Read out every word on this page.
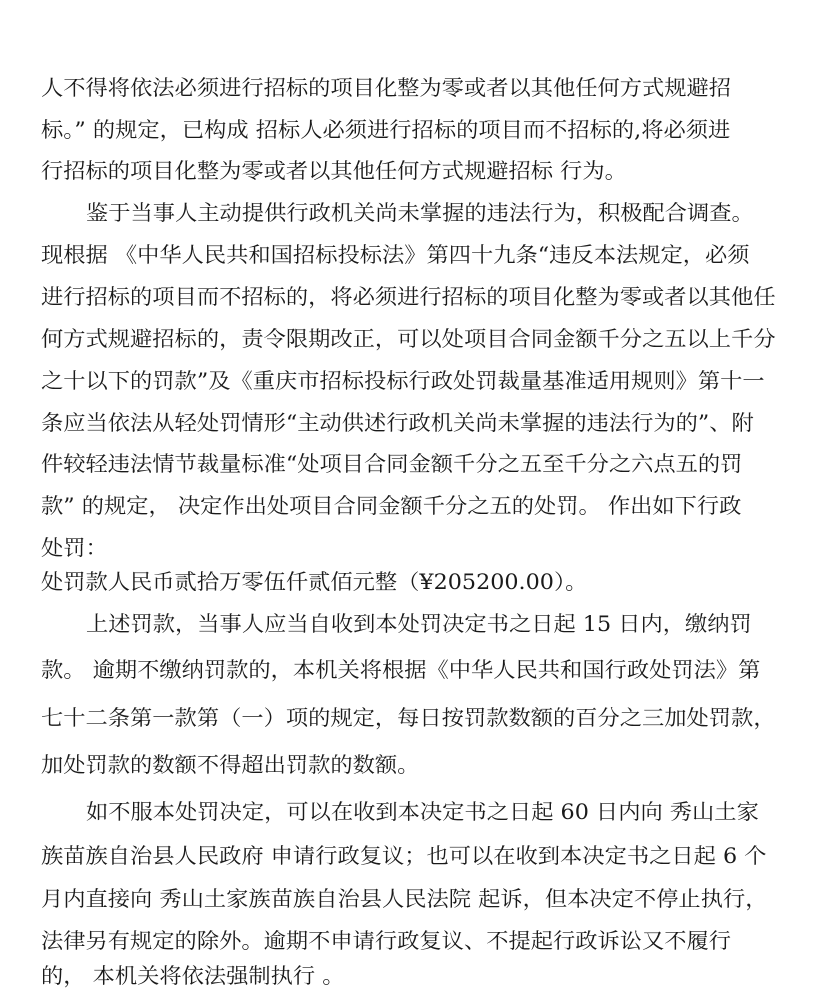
人不得将依法必须进行招标的项目化整为零或者以其他任何方式规避招
标。” 的规定，已构成 招标人必须进行招标的项目而不招标的,将必须进
行招标的项目化整为零或者以其他任何方式规避招标 行为。
鉴于当事人主动提供行政机关尚未掌握的违法行为，积极配合调查。
现根据 《中华人民共和国招标投标法》第四十九条“违反本法规定，必须
进行招标的项目而不招标的，将必须进行招标的项目化整为零或者以其他任
何方式规避招标的，责令限期改正，可以处项目合同金额千分之五以上千分
之十以下的罚款”及《重庆市招标投标行政处罚裁量基准适用规则》第十一
条应当依法从轻处罚情形“主动供述行政机关尚未掌握的违法行为的”、附
件较轻违法情节裁量标准“处项目合同金额千分之五至千分之六点五的罚
款” 的规定， 决定作出处项目合同金额千分之五的处罚。 作出如下行政
处罚：
处罚款人民币贰拾万零伍仟贰佰元整（¥205200.00）。
上述罚款，当事人应当自收到本处罚决定书之日起 15 日内，缴纳罚
款。 逾期不缴纳罚款的，本机关将根据《中华人民共和国行政处罚法》第
七十二条第一款第（一）项的规定，每日按罚款数额的百分之三加处罚款，
加处罚款的数额不得超出罚款的数额。
如不服本处罚决定，可以在收到本决定书之日起 60 日内向 秀山土家
族苗族自治县人民政府 申请行政复议；也可以在收到本决定书之日起 6 个
月内直接向 秀山土家族苗族自治县人民法院 起诉，但本决定不停止执行，
法律另有规定的除外。逾期不申请行政复议、不提起行政诉讼又不履行
的， 本机关将依法强制执行 。
